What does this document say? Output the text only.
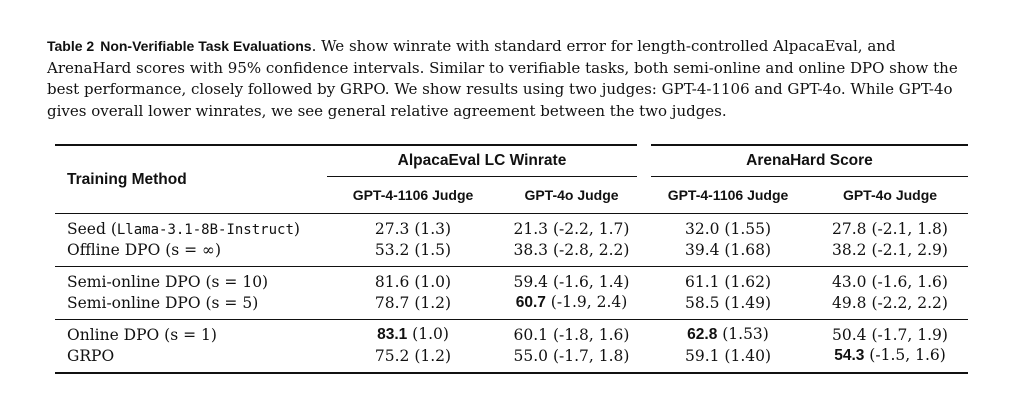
Table 2 Non-Verifiable Task Evaluations. We show winrate with standard error for length-controlled AlpacaEval, and ArenaHard scores with 95% confidence intervals. Similar to verifiable tasks, both semi-online and online DPO show the best performance, closely followed by GRPO. We show results using two judges: GPT-4-1106 and GPT-4o. While GPT-4o gives overall lower winrates, we see general relative agreement between the two judges.
Training Method	AlpacaEval LC Winrate		ArenaHard Score	
	GPT-4-1106 Judge	GPT-4o Judge	GPT-4-1106 Judge	GPT-4o Judge
Seed (Llama-3.1-8B-Instruct)	27.3 (1.3)	21.3 (-2.2, 1.7)	32.0 (1.55)	27.8 (-2.1, 1.8)
Offline DPO (s = ∞)	53.2 (1.5)	38.3 (-2.8, 2.2)	39.4 (1.68)	38.2 (-2.1, 2.9)
Semi-online DPO (s = 10)	81.6 (1.0)	59.4 (-1.6, 1.4)	61.1 (1.62)	43.0 (-1.6, 1.6)
Semi-online DPO (s = 5)	78.7 (1.2)	60.7 (-1.9, 2.4)	58.5 (1.49)	49.8 (-2.2, 2.2)
Online DPO (s = 1)	83.1 (1.0)	60.1 (-1.8, 1.6)	62.8 (1.53)	50.4 (-1.7, 1.9)
GRPO	75.2 (1.2)	55.0 (-1.7, 1.8)	59.1 (1.40)	54.3 (-1.5, 1.6)
